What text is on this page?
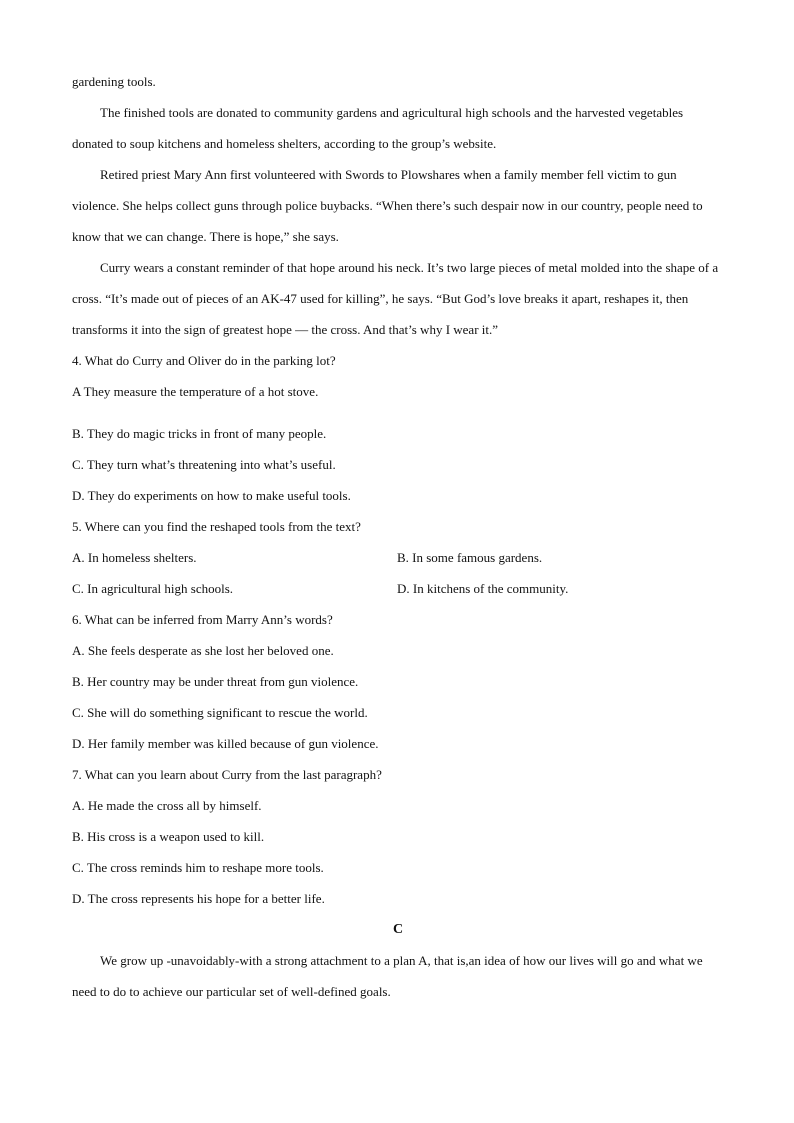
gardening tools.

The finished tools are donated to community gardens and agricultural high schools and the harvested vegetables donated to soup kitchens and homeless shelters, according to the group’s website.

Retired priest Mary Ann first volunteered with Swords to Plowshares when a family member fell victim to gun violence. She helps collect guns through police buybacks. “When there’s such despair now in our country, people need to know that we can change. There is hope,” she says.

Curry wears a constant reminder of that hope around his neck. It’s two large pieces of metal molded into the shape of a cross. “It’s made out of pieces of an AK-47 used for killing”, he says. “But God’s love breaks it apart, reshapes it, then transforms it into the sign of greatest hope — the cross. And that’s why I wear it.”

4. What do Curry and Oliver do in the parking lot?

A They measure the temperature of a hot stove.

B. They do magic tricks in front of many people.

C. They turn what’s threatening into what’s useful.

D. They do experiments on how to make useful tools.

5. Where can you find the reshaped tools from the text?

A. In homeless shelters.	B. In some famous gardens.
C. In agricultural high schools.	D. In kitchens of the community.

6. What can be inferred from Marry Ann’s words?

A. She feels desperate as she lost her beloved one.

B. Her country may be under threat from gun violence.

C. She will do something significant to rescue the world.

D. Her family member was killed because of gun violence.

7. What can you learn about Curry from the last paragraph?

A. He made the cross all by himself.

B. His cross is a weapon used to kill.

C. The cross reminds him to reshape more tools.

D. The cross represents his hope for a better life.

C

We grow up -unavoidably-with a strong attachment to a plan A, that is,an idea of how our lives will go and what we need to do to achieve our particular set of well-defined goals.
